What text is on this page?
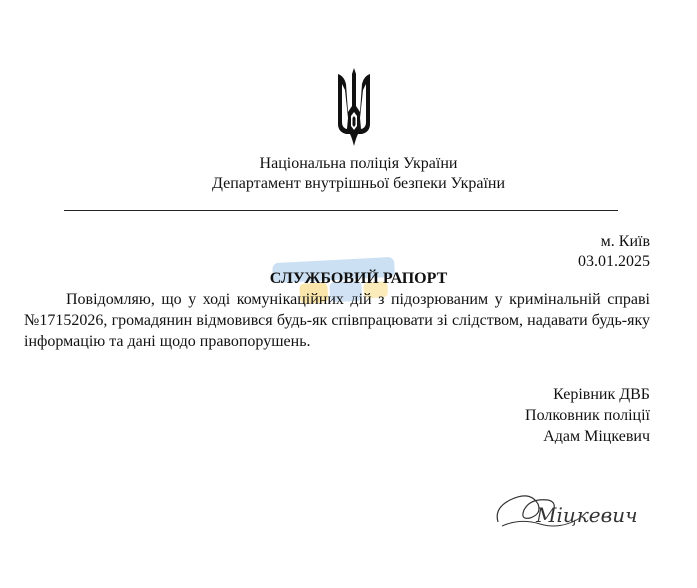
Національна поліція України
Департамент внутрішньої безпеки України
м. Київ
03.01.2025
СЛУЖБОВИЙ РАПОРТ

Повідомляю, що у ході комунікаційних дій з підозрюваним у кримінальній справі №17152026, громадянин відмовився будь-як співпрацювати зі слідством, надавати будь-яку інформацію та дані щодо правопорушень.

Керівник ДВБ
Полковник поліції
Адам Міцкевич
Міцкевич
